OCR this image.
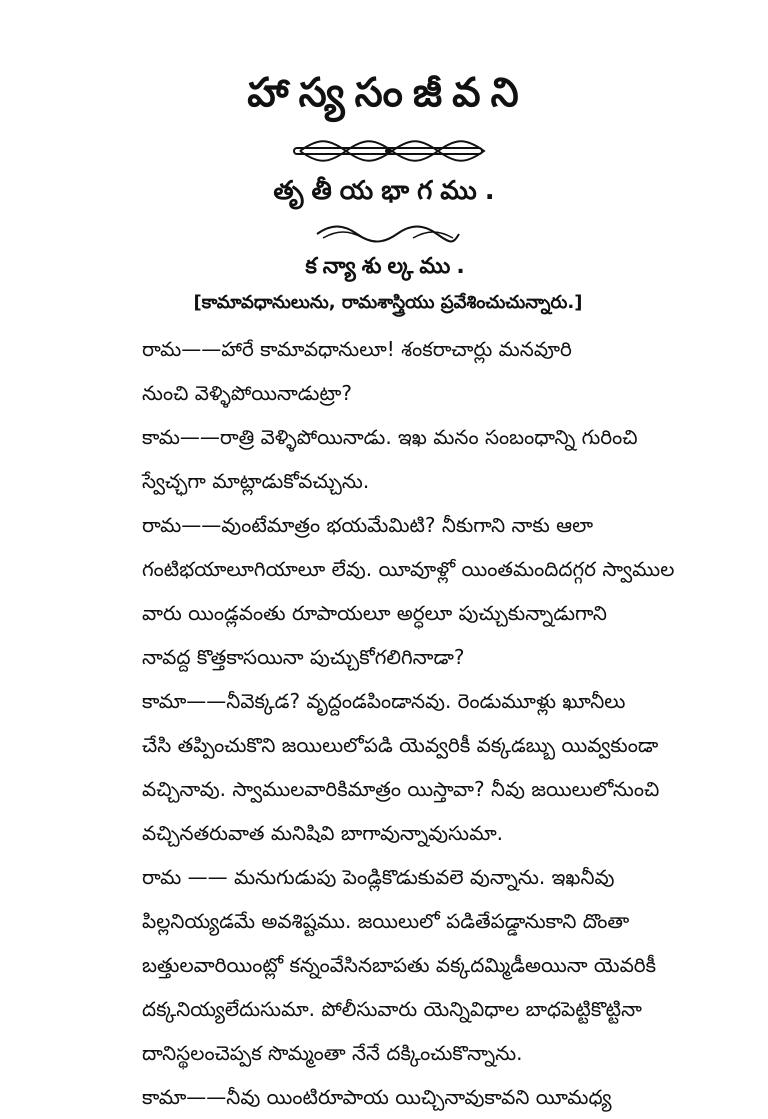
హాస్యసంజీవని
తృతీయభాగము.
కన్యాశుల్కము.
[కామావధానులును, రామశాస్త్రియు ప్రవేశించుచున్నారు.]

రామ——హారే కామావధానులూ! శంకరాచార్లు మనవూరి
నుంచి వెళ్ళిపోయినాడుట్రా?

కామ——రాత్రి వెళ్ళిపోయినాడు. ఇఖ మనం సంబంధాన్ని గురించి
స్వేచ్ఛగా మాట్లాడుకోవచ్చును.

రామ——వుంటేమాత్రం భయమేమిటి? నీకుగాని నాకు ఆలా
గంటిభయాలూగియాలూ లేవు. యీవూళ్లో యింతమందిదగ్గర స్వాముల
వారు యిండ్లవంతు రూపాయలూ అర్ధలూ పుచ్చుకున్నాడుగాని
నావద్ద కొత్తకాసయినా పుచ్చుకోగలిగినాడా?

కామా——నీవెక్కడ? వృద్దండపిండానవు. రెండుమూళ్లు ఖూనీలు
చేసి తప్పించుకొని జయిలులోపడి యెవ్వరికీ వక్కడబ్బు యివ్వకుండా
వచ్చినావు. స్వాములవారికిమాత్రం యిస్తావా? నీవు జయిలులోనుంచి
వచ్చినతరువాత మనిషివి బాగావున్నావుసుమా.

రామ —— మనుగుడుపు పెండ్లికొడుకువలె వున్నాను. ఇఖనీవు
పిల్లనియ్యడమే అవశిష్టము. జయిలులో పడితేపడ్డానుకాని దొంతా
బత్తులవారియింట్లో కన్నంవేసినబాపతు వక్కదమ్మిడీఅయినా యెవరికీ
దక్కనియ్యలేదుసుమా. పోలీసువారు యెన్నివిధాల బాధపెట్టికొట్టినా
దానిస్థలంచెప్పక సొమ్మంతా నేనే దక్కించుకొన్నాను.

కామా——నీవు యింటిరూపాయ యిచ్చినావుకావని యీమధ్య
